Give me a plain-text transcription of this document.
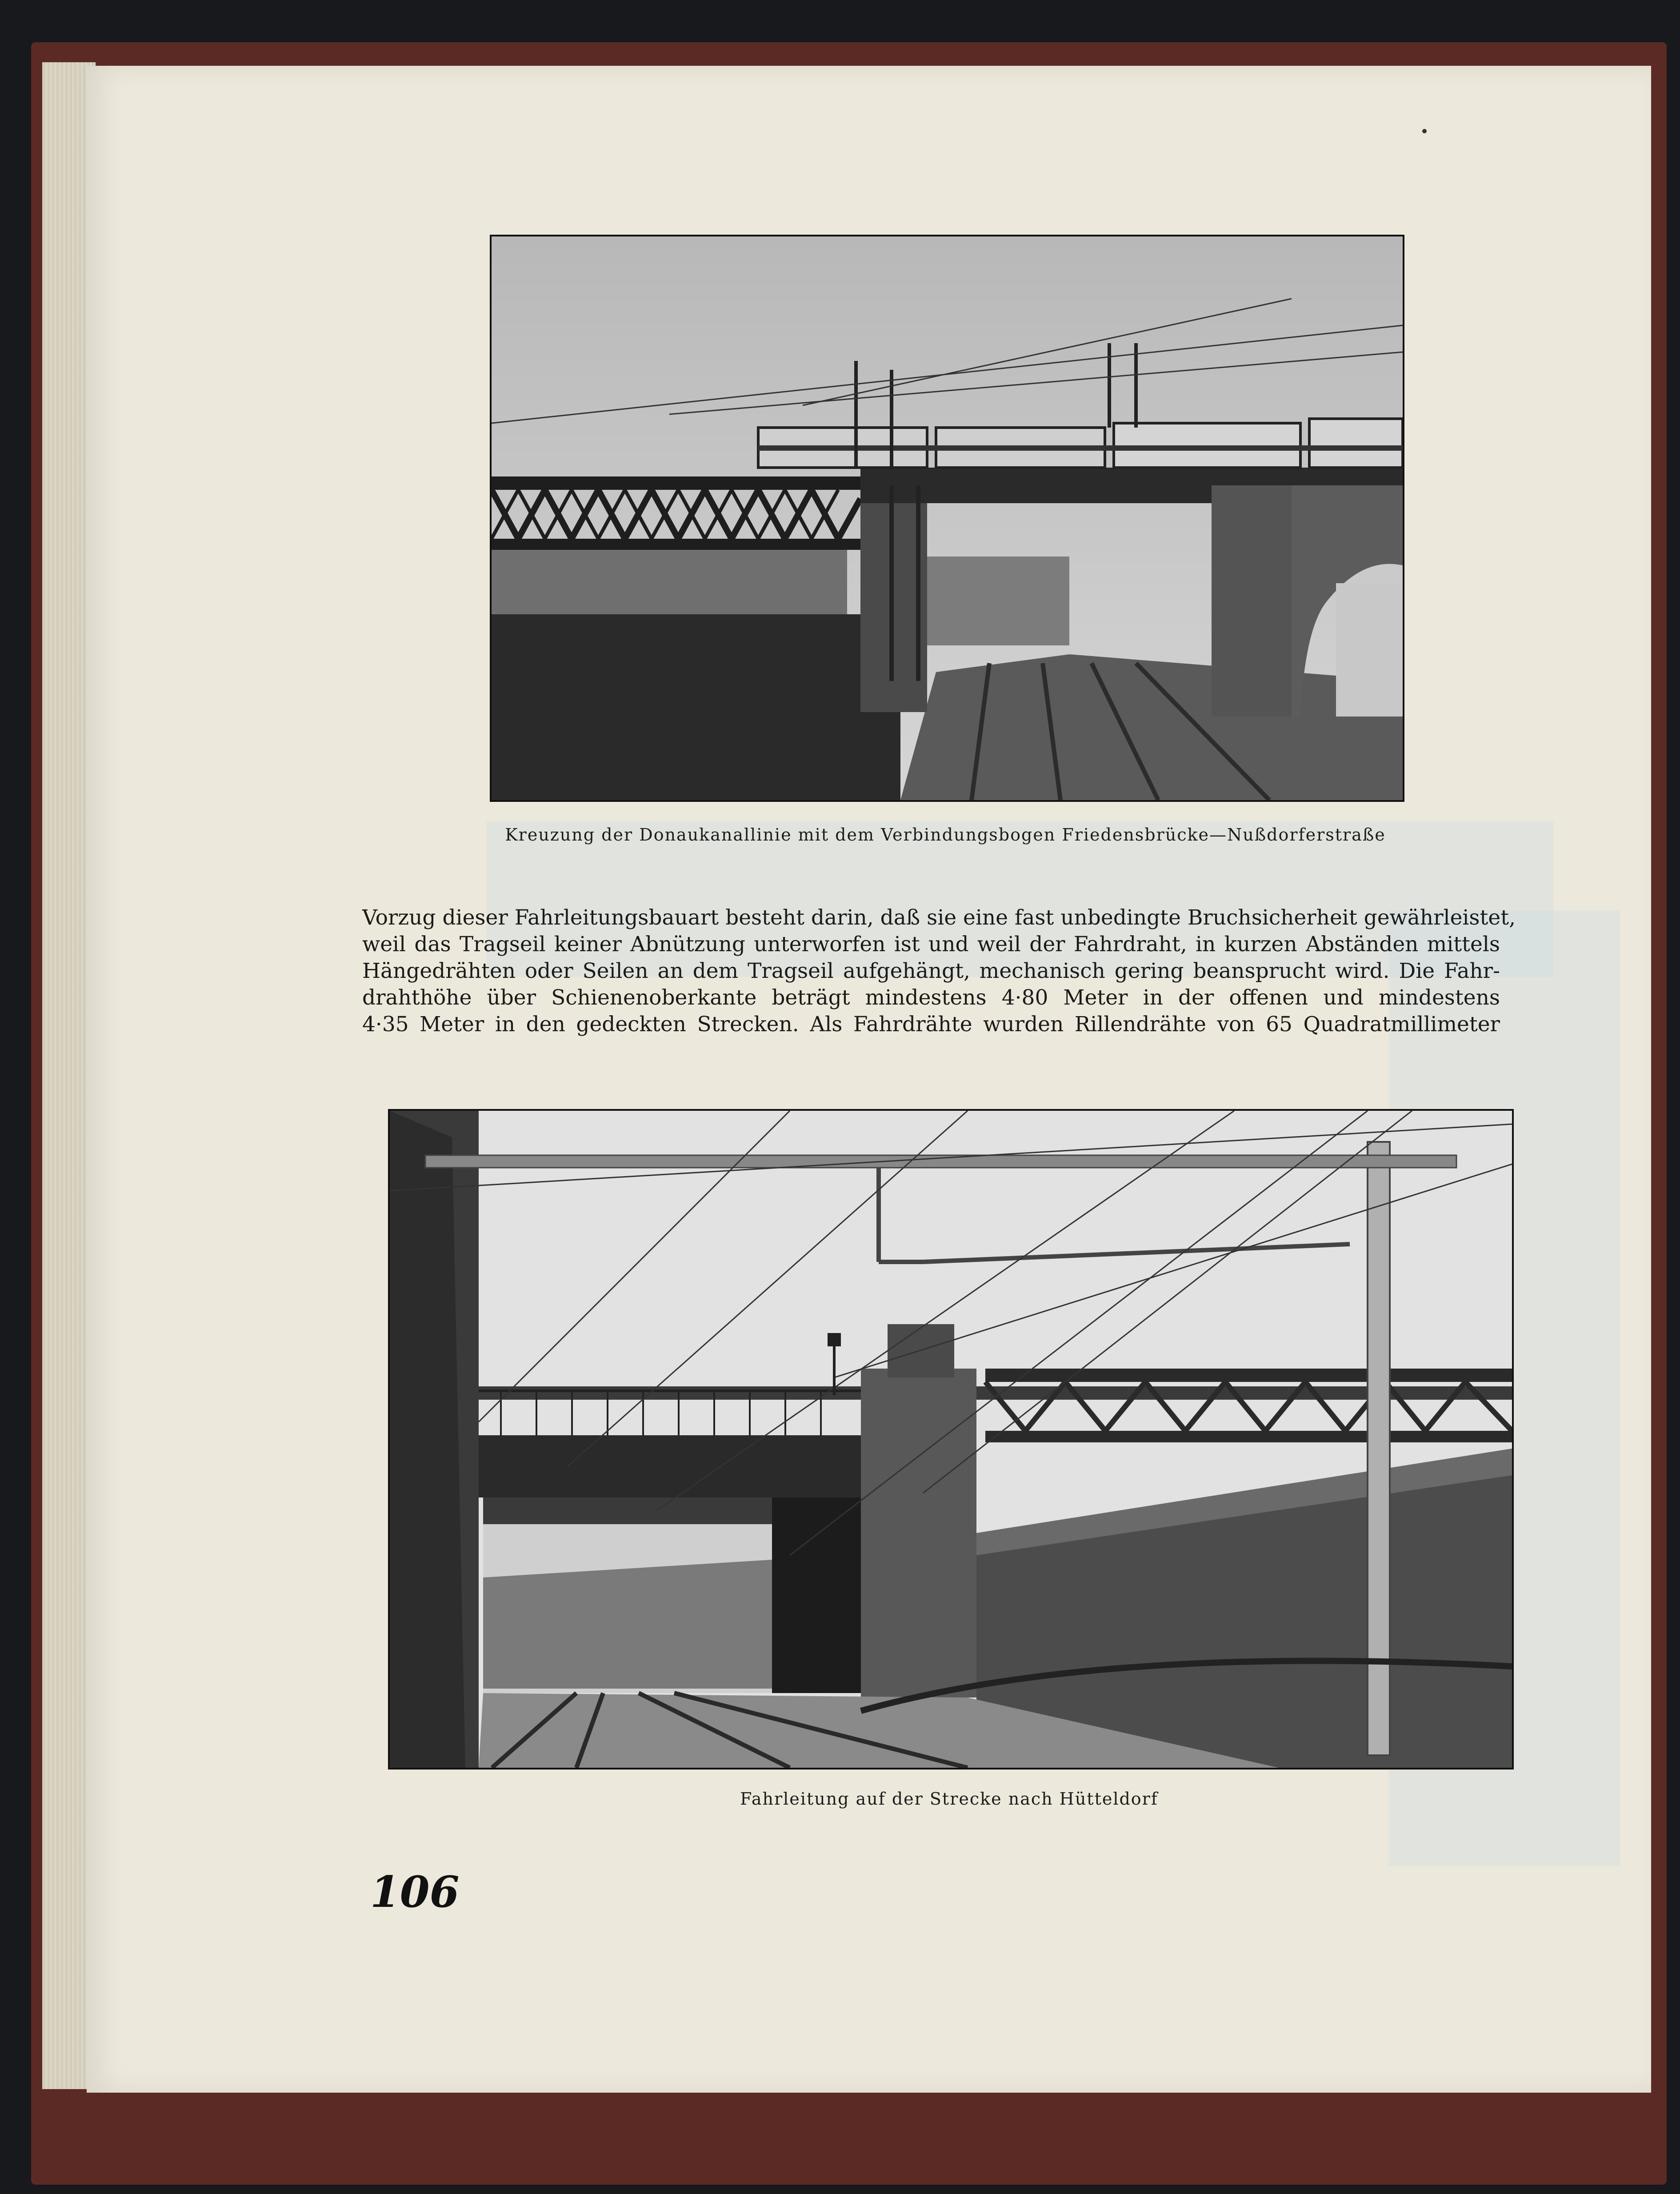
Kreuzung der Donaukanallinie mit dem Verbindungsbogen Friedensbrücke—Nußdorferstraße
Vorzug dieser Fahrleitungsbauart besteht darin, daß sie eine fast unbedingte Bruchsicherheit gewährleistet,
weil das Tragseil keiner Abnützung unterworfen ist und weil der Fahrdraht, in kurzen Abständen mittels
Hängedrähten oder Seilen an dem Tragseil aufgehängt, mechanisch gering beansprucht wird. Die Fahr-
drahthöhe über Schienenoberkante beträgt mindestens 4·80 Meter in der offenen und mindestens
4·35 Meter in den gedeckten Strecken. Als Fahrdrähte wurden Rillendrähte von 65 Quadratmillimeter
Fahrleitung auf der Strecke nach Hütteldorf
106
